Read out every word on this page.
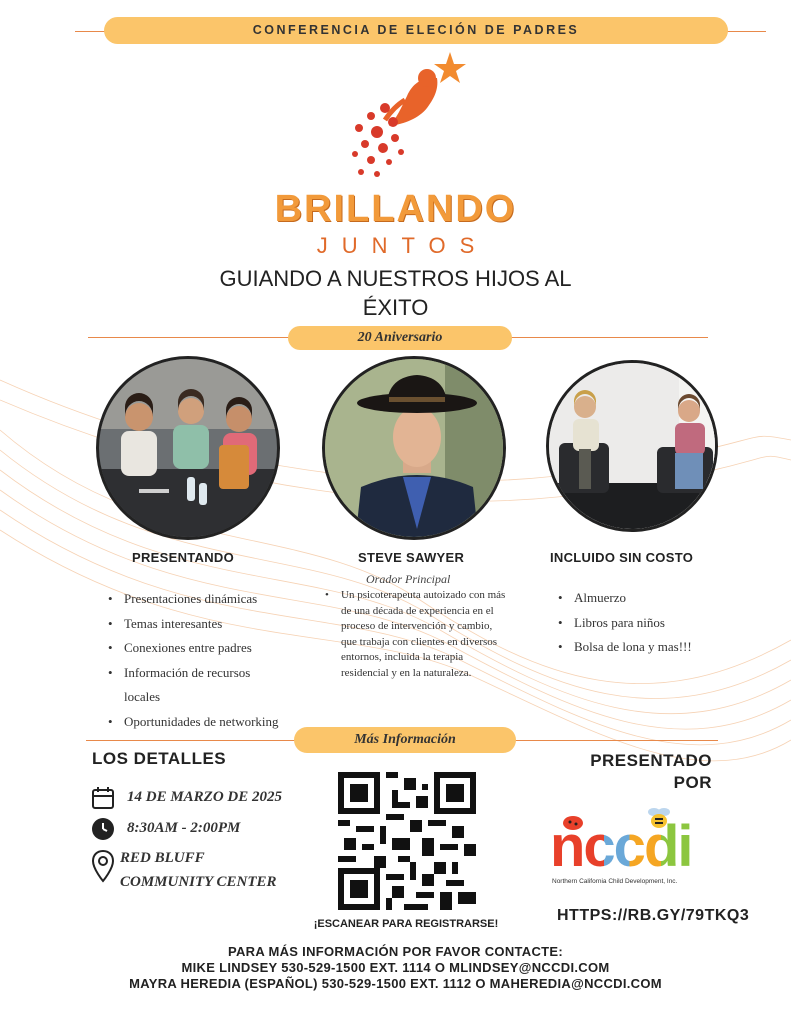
CONFERENCIA DE ELECIÓN DE PADRES
BRILLANDO
JUNTOS
GUIANDO A NUESTROS HIJOS AL
ÉXITO
20 Aniversario
PRESENTANDO
• Presentaciones dinámicas
• Temas interesantes
• Conexiones entre padres
• Información de recursos locales
• Oportunidades de networking
STEVE SAWYER
Orador Principal
• Un psicoterapeuta autoizado con más de una década de experiencia en el proceso de intervención y cambio, que trabaja con clientes en diversos entornos, incluida la terapia residencial y en la naturaleza.
INCLUIDO SIN COSTO
• Almuerzo
• Libros para niños
• Bolsa de lona y mas!!!
Más Información
LOS DETALLES
14 DE MARZO DE 2025
8:30AM - 2:00PM
RED BLUFF
COMMUNITY CENTER
¡ESCANEAR PARA REGISTRARSE!
PRESENTADO
POR
nccdi
Northern California Child Development, Inc.
HTTPS://RB.GY/79TKQ3
PARA MÁS INFORMACIÓN POR FAVOR CONTACTE:
MIKE LINDSEY 530-529-1500 EXT. 1114 O MLINDSEY@NCCDI.COM
MAYRA HEREDIA (ESPAÑOL) 530-529-1500 EXT. 1112 O MAHEREDIA@NCCDI.COM
